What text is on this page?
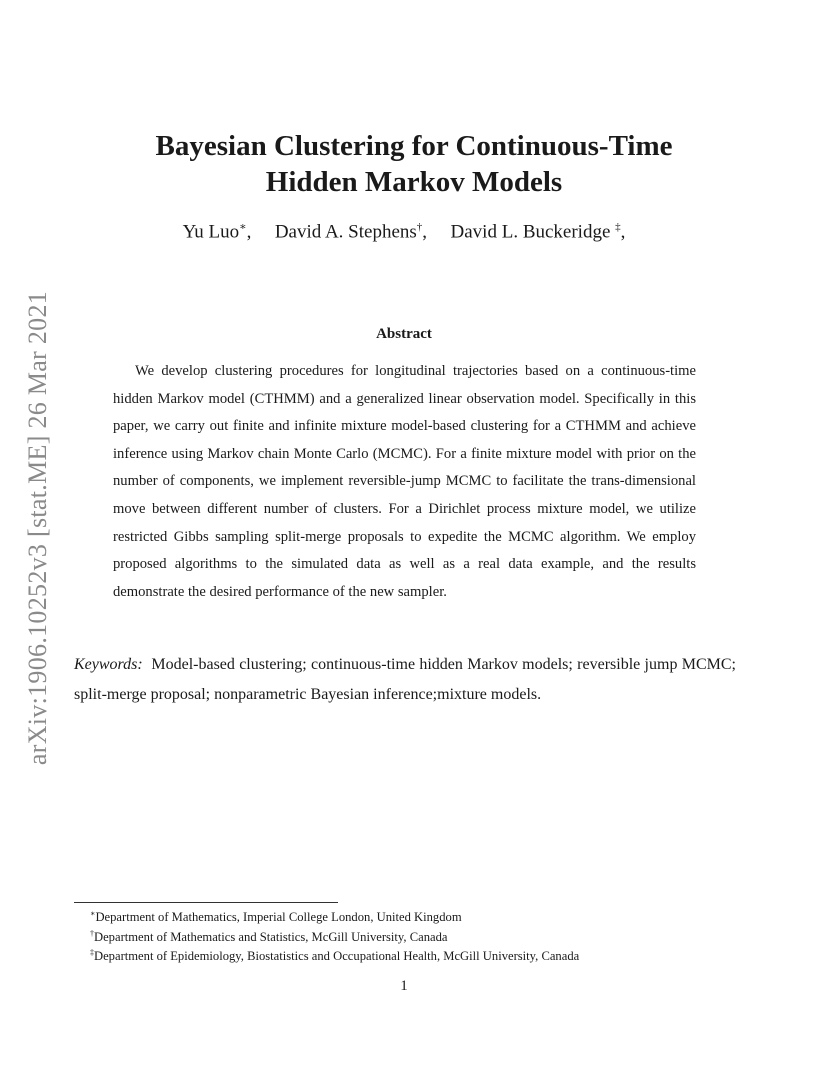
arXiv:1906.10252v3 [stat.ME] 26 Mar 2021
Bayesian Clustering for Continuous-Time
Hidden Markov Models
Yu Luo∗, David A. Stephens†, David L. Buckeridge ‡,
Abstract

We develop clustering procedures for longitudinal trajectories based on a continuous-time hidden Markov model (CTHMM) and a generalized linear observation model. Specifically in this paper, we carry out finite and infinite mixture model-based clustering for a CTHMM and achieve inference using Markov chain Monte Carlo (MCMC). For a finite mixture model with prior on the number of components, we implement reversible-jump MCMC to facilitate the trans-dimensional move between different number of clusters. For a Dirichlet process mixture model, we utilize restricted Gibbs sampling split-merge proposals to expedite the MCMC algorithm. We employ proposed algorithms to the simulated data as well as a real data example, and the results demonstrate the desired performance of the new sampler.

Keywords: Model-based clustering; continuous-time hidden Markov models; reversible jump MCMC; split-merge proposal; nonparametric Bayesian inference;mixture models.

∗Department of Mathematics, Imperial College London, United Kingdom
†Department of Mathematics and Statistics, McGill University, Canada
‡Department of Epidemiology, Biostatistics and Occupational Health, McGill University, Canada
1
